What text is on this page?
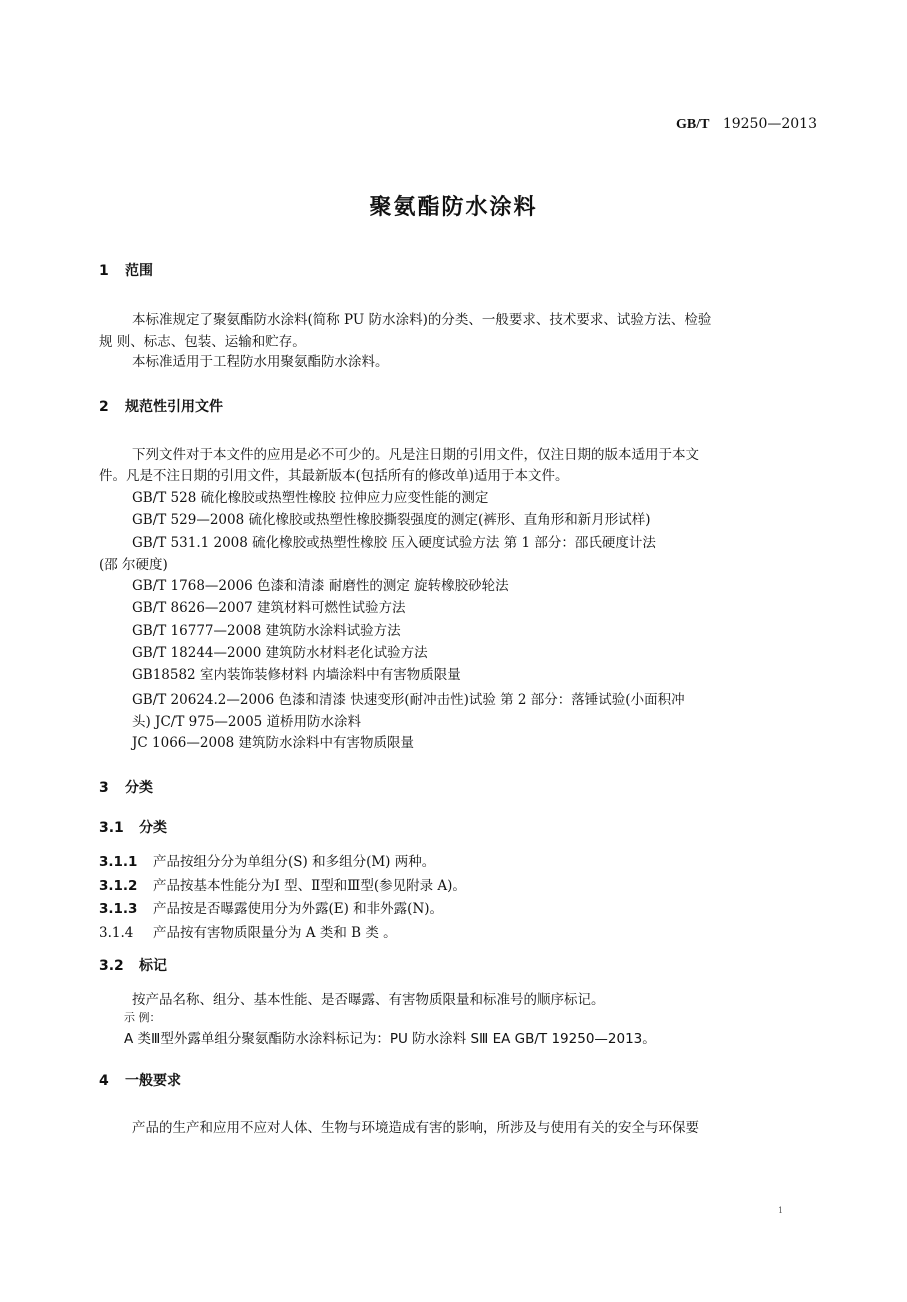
GB/T 19250—2013
聚氨酯防水涂料
1 范围
本标准规定了聚氨酯防水涂料(简称 PU 防水涂料)的分类、一般要求、技术要求、试验方法、检验
规 则、标志、包装、运输和贮存。
本标准适用于工程防水用聚氨酯防水涂料。
2 规范性引用文件
下列文件对于本文件的应用是必不可少的。凡是注日期的引用文件，仅注日期的版本适用于本文
件。凡是不注日期的引用文件，其最新版本(包括所有的修改单)适用于本文件。
GB/T 528 硫化橡胶或热塑性橡胶 拉伸应力应变性能的测定
GB/T 529—2008 硫化橡胶或热塑性橡胶撕裂强度的测定(裤形、直角形和新月形试样)
GB/T 531.1 2008 硫化橡胶或热塑性橡胶 压入硬度试验方法 第 1 部分：邵氏硬度计法
(邵 尔硬度)
GB/T 1768—2006 色漆和清漆 耐磨性的测定 旋转橡胶砂轮法
GB/T 8626—2007 建筑材料可燃性试验方法
GB/T 16777—2008 建筑防水涂料试验方法
GB/T 18244—2000 建筑防水材料老化试验方法
GB18582 室内装饰装修材料 内墙涂料中有害物质限量
GB/T 20624.2—2006 色漆和清漆 快速变形(耐冲击性)试验 第 2 部分：落锤试验(小面积冲
头) JC/T 975—2005 道桥用防水涂料
JC 1066—2008 建筑防水涂料中有害物质限量
3 分类
3.1 分类
3.1.1 产品按组分分为单组分(S) 和多组分(M) 两种。
3.1.2 产品按基本性能分为Ⅰ 型、Ⅱ型和Ⅲ型(参见附录 A)。
3.1.3 产品按是否曝露使用分为外露(E) 和非外露(N)。
3.1.4 产品按有害物质限量分为 A 类和 B 类 。
3.2 标记
按产品名称、组分、基本性能、是否曝露、有害物质限量和标准号的顺序标记。
示 例：
A 类Ⅲ型外露单组分聚氨酯防水涂料标记为：PU 防水涂料 SⅢ EA GB/T 19250—2013。
4 一般要求
产品的生产和应用不应对人体、生物与环境造成有害的影响，所涉及与使用有关的安全与环保要
1
